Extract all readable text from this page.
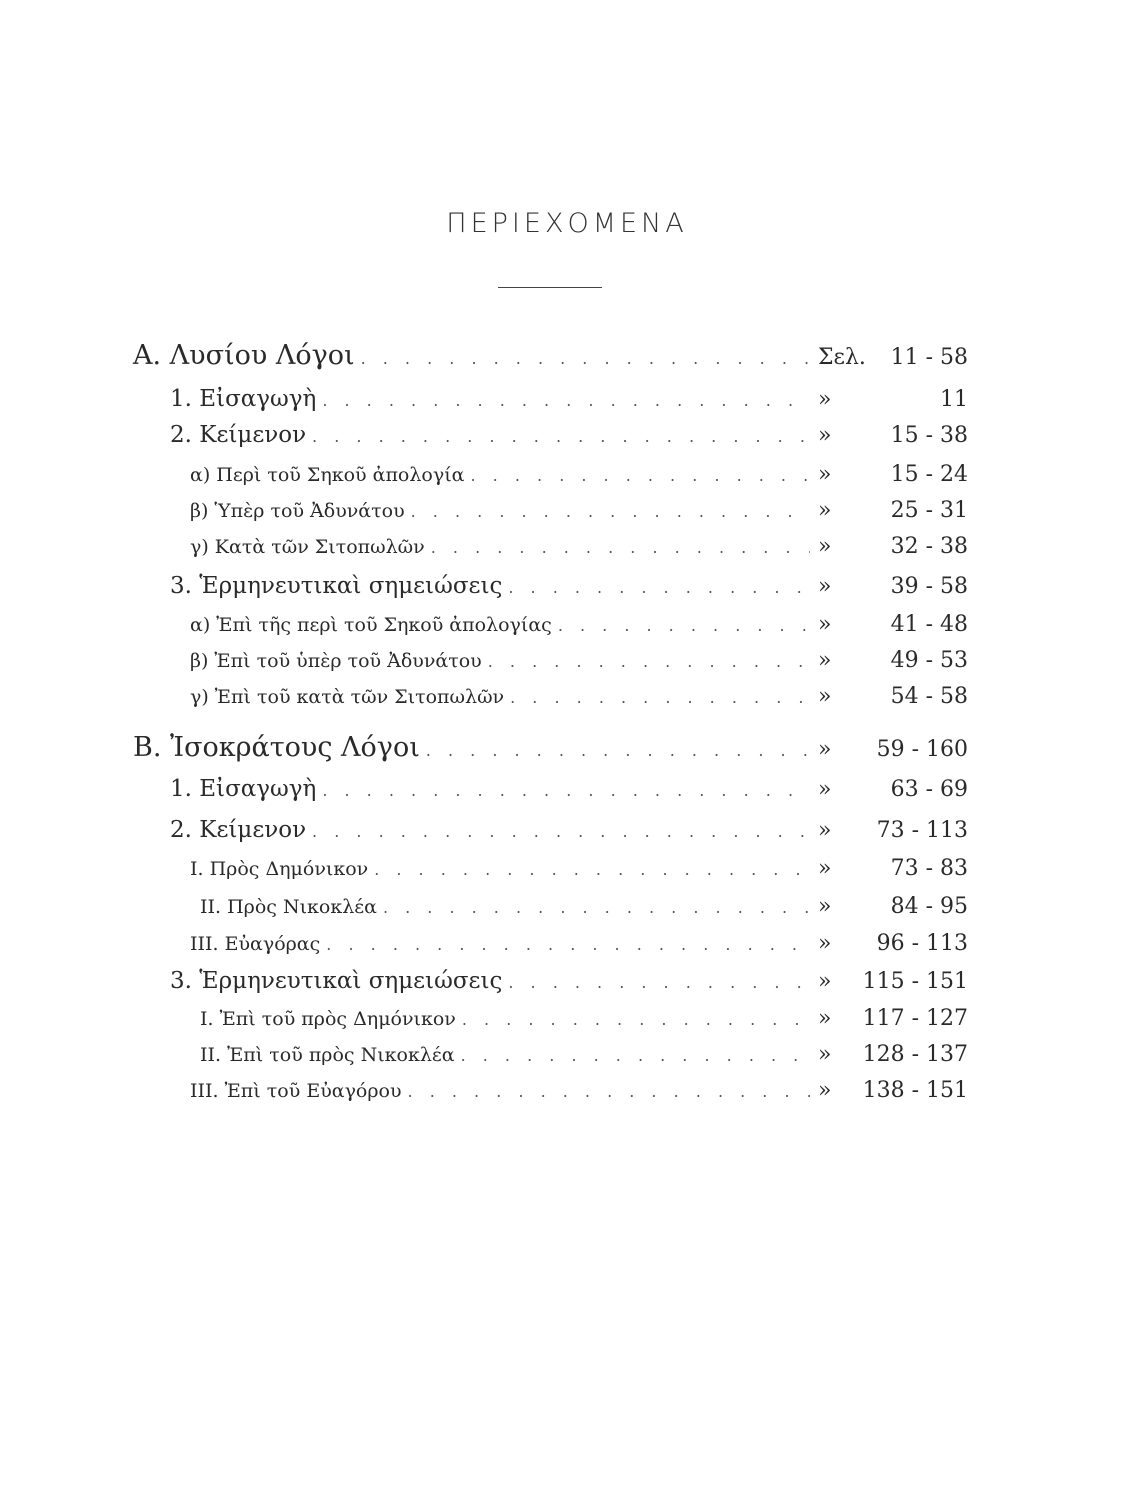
ΠΕΡΙΕΧΟΜΕΝΑ
Α. Λυσίου Λόγοι . . .	Σελ.	11 - 58
1. Εἰσαγωγὴ . . .	»	11
2. Κείμενον . . .	»	15 - 38
α) Περὶ τοῦ Σηκοῦ ἀπολογία . . .	»	15 - 24
β) Ὑπὲρ τοῦ Ἀδυνάτου . . .	»	25 - 31
γ) Κατὰ τῶν Σιτοπωλῶν . . .	»	32 - 38
3. Ἑρμηνευτικαὶ σημειώσεις . . .	»	39 - 58
α) Ἐπὶ τῆς περὶ τοῦ Σηκοῦ ἀπολογίας . . .	»	41 - 48
β) Ἐπὶ τοῦ ὑπὲρ τοῦ Ἀδυνάτου . . .	»	49 - 53
γ) Ἐπὶ τοῦ κατὰ τῶν Σιτοπωλῶν . . .	»	54 - 58
Β. Ἰσοκράτους Λόγοι . . .	»	59 - 160
1. Εἰσαγωγὴ . . .	»	63 - 69
2. Κείμενον . . .	»	73 - 113
I. Πρὸς Δημόνικον . . .	»	73 - 83
II. Πρὸς Νικοκλέα . . .	»	84 - 95
III. Εὐαγόρας . . .	»	96 - 113
3. Ἑρμηνευτικαὶ σημειώσεις . . .	»	115 - 151
I. Ἐπὶ τοῦ πρὸς Δημόνικον . . .	»	117 - 127
II. Ἐπὶ τοῦ πρὸς Νικοκλέα . . .	»	128 - 137
III. Ἐπὶ τοῦ Εὐαγόρου . . .	»	138 - 151
